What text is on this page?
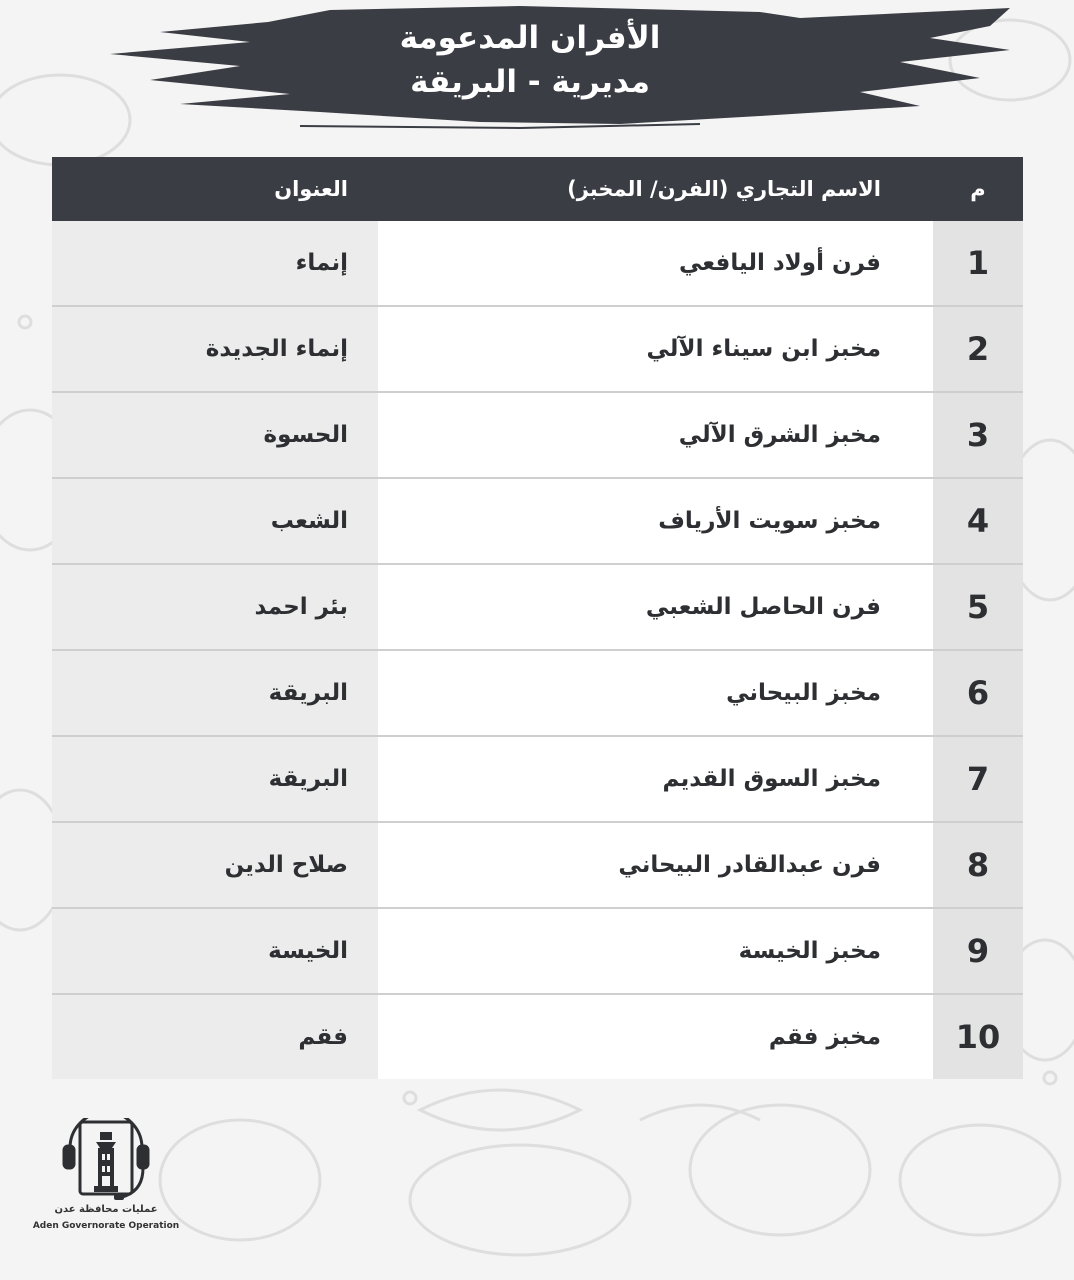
الأفران المدعومة
مديرية - البريقة
م
الاسم التجاري (الفرن/ المخبز)
العنوان
1
فرن أولاد اليافعي
إنماء
2
مخبز ابن سيناء الآلي
إنماء الجديدة
3
مخبز الشرق الآلي
الحسوة
4
مخبز سويت الأرياف
الشعب
5
فرن الحاصل الشعبي
بئر احمد
6
مخبز البيحاني
البريقة
7
مخبز السوق القديم
البريقة
8
فرن عبدالقادر البيحاني
صلاح الدين
9
مخبز الخيسة
الخيسة
10
مخبز فقم
فقم
عمليات محافظة عدن
Aden Governorate Operation
